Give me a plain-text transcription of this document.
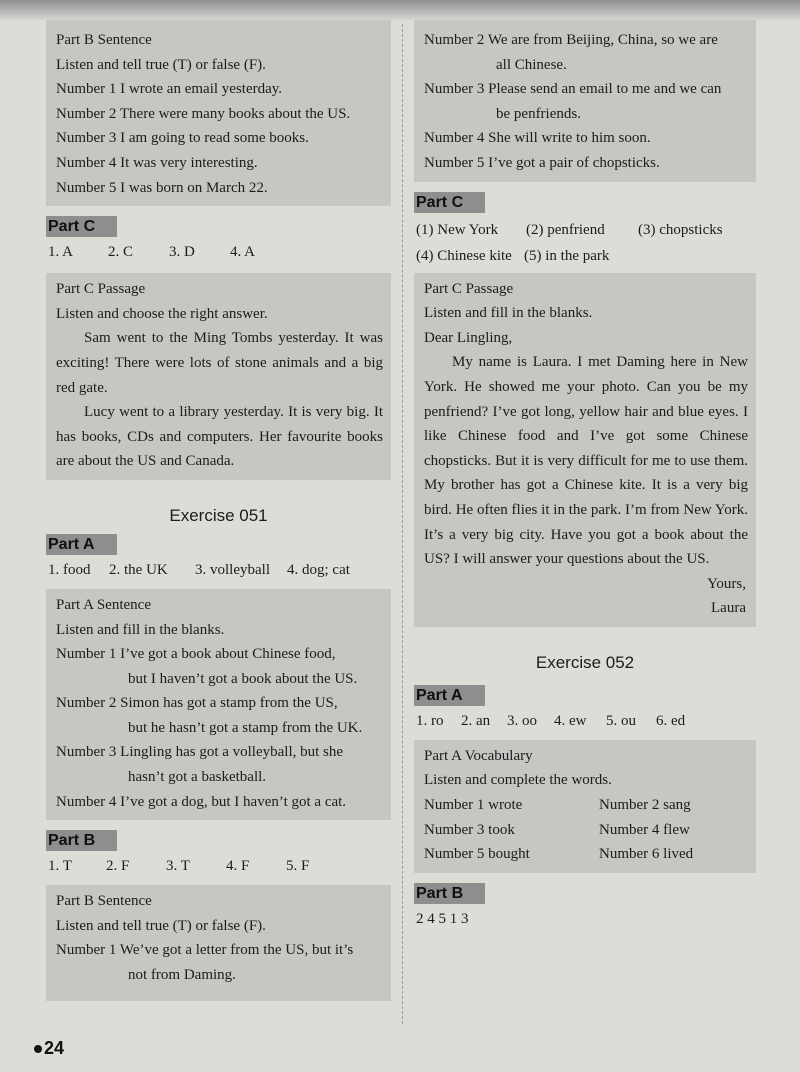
Part B Sentence
Listen and tell true (T) or false (F).
Number 1 I wrote an email yesterday.
Number 2 There were many books about the US.
Number 3 I am going to read some books.
Number 4 It was very interesting.
Number 5 I was born on March 22.
Part C
1. A 2. C 3. D 4. A
Part C Passage
Listen and choose the right answer.
Sam went to the Ming Tombs yesterday. It was exciting! There were lots of stone animals and a big red gate.
Lucy went to a library yesterday. It is very big. It has books, CDs and computers. Her favourite books are about the US and Canada.
Exercise 051
Part A
1. food 2. the UK 3. volleyball 4. dog; cat
Part A Sentence
Listen and fill in the blanks.
Number 1 I’ve got a book about Chinese food,
but I haven’t got a book about the US.
Number 2 Simon has got a stamp from the US,
but he hasn’t got a stamp from the UK.
Number 3 Lingling has got a volleyball, but she
hasn’t got a basketball.
Number 4 I’ve got a dog, but I haven’t got a cat.
Part B
1. T 2. F 3. T 4. F 5. F
Part B Sentence
Listen and tell true (T) or false (F).
Number 1 We’ve got a letter from the US, but it’s
not from Daming.
Number 2 We are from Beijing, China, so we are
all Chinese.
Number 3 Please send an email to me and we can
be penfriends.
Number 4 She will write to him soon.
Number 5 I’ve got a pair of chopsticks.
Part C
(1) New York (2) penfriend (3) chopsticks
(4) Chinese kite (5) in the park
Part C Passage
Listen and fill in the blanks.
Dear Lingling,
My name is Laura. I met Daming here in New York. He showed me your photo. Can you be my penfriend? I’ve got long, yellow hair and blue eyes. I like Chinese food and I’ve got some Chinese chopsticks. But it is very difficult for me to use them. My brother has got a Chinese kite. It is a very big bird. He often flies it in the park. I’m from New York. It’s a very big city. Have you got a book about the US? I will answer your questions about the US.
Yours,
Laura
Exercise 052
Part A
1. ro 2. an 3. oo 4. ew 5. ou 6. ed
Part A Vocabulary
Listen and complete the words.
Number 1 wrote	Number 2 sang
Number 3 took	Number 4 flew
Number 5 bought	Number 6 lived
Part B
2 4 5 1 3
24
